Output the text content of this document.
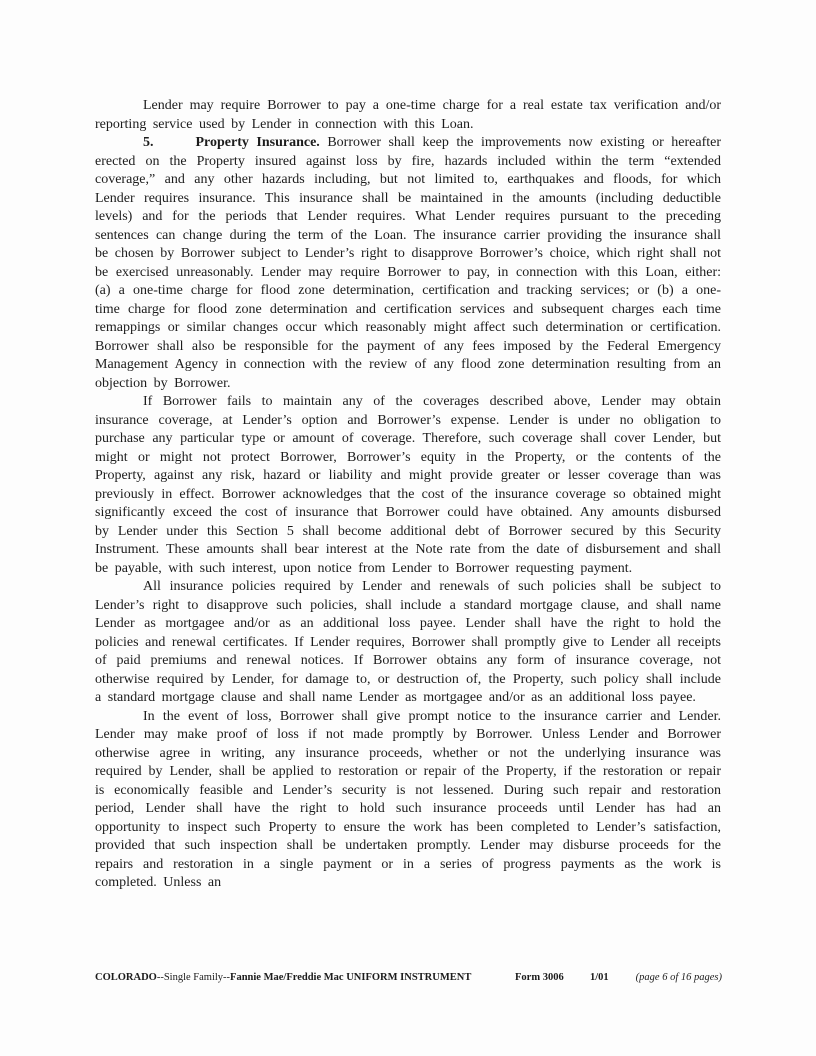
Lender may require Borrower to pay a one-time charge for a real estate tax verification and/or reporting service used by Lender in connection with this Loan.

5.	Property Insurance. Borrower shall keep the improvements now existing or hereafter erected on the Property insured against loss by fire, hazards included within the term “extended coverage,” and any other hazards including, but not limited to, earthquakes and floods, for which Lender requires insurance. This insurance shall be maintained in the amounts (including deductible levels) and for the periods that Lender requires. What Lender requires pursuant to the preceding sentences can change during the term of the Loan. The insurance carrier providing the insurance shall be chosen by Borrower subject to Lender’s right to disapprove Borrower’s choice, which right shall not be exercised unreasonably. Lender may require Borrower to pay, in connection with this Loan, either: (a) a one-time charge for flood zone determination, certification and tracking services; or (b) a one-time charge for flood zone determination and certification services and subsequent charges each time remappings or similar changes occur which reasonably might affect such determination or certification. Borrower shall also be responsible for the payment of any fees imposed by the Federal Emergency Management Agency in connection with the review of any flood zone determination resulting from an objection by Borrower.

If Borrower fails to maintain any of the coverages described above, Lender may obtain insurance coverage, at Lender’s option and Borrower’s expense. Lender is under no obligation to purchase any particular type or amount of coverage. Therefore, such coverage shall cover Lender, but might or might not protect Borrower, Borrower’s equity in the Property, or the contents of the Property, against any risk, hazard or liability and might provide greater or lesser coverage than was previously in effect. Borrower acknowledges that the cost of the insurance coverage so obtained might significantly exceed the cost of insurance that Borrower could have obtained. Any amounts disbursed by Lender under this Section 5 shall become additional debt of Borrower secured by this Security Instrument. These amounts shall bear interest at the Note rate from the date of disbursement and shall be payable, with such interest, upon notice from Lender to Borrower requesting payment.

All insurance policies required by Lender and renewals of such policies shall be subject to Lender’s right to disapprove such policies, shall include a standard mortgage clause, and shall name Lender as mortgagee and/or as an additional loss payee. Lender shall have the right to hold the policies and renewal certificates. If Lender requires, Borrower shall promptly give to Lender all receipts of paid premiums and renewal notices. If Borrower obtains any form of insurance coverage, not otherwise required by Lender, for damage to, or destruction of, the Property, such policy shall include a standard mortgage clause and shall name Lender as mortgagee and/or as an additional loss payee.

In the event of loss, Borrower shall give prompt notice to the insurance carrier and Lender. Lender may make proof of loss if not made promptly by Borrower. Unless Lender and Borrower otherwise agree in writing, any insurance proceeds, whether or not the underlying insurance was required by Lender, shall be applied to restoration or repair of the Property, if the restoration or repair is economically feasible and Lender’s security is not lessened. During such repair and restoration period, Lender shall have the right to hold such insurance proceeds until Lender has had an opportunity to inspect such Property to ensure the work has been completed to Lender’s satisfaction, provided that such inspection shall be undertaken promptly. Lender may disburse proceeds for the repairs and restoration in a single payment or in a series of progress payments as the work is completed. Unless an

COLORADO--Single Family--Fannie Mae/Freddie Mac UNIFORM INSTRUMENT	Form 3006	1/01	(page 6 of 16 pages)
